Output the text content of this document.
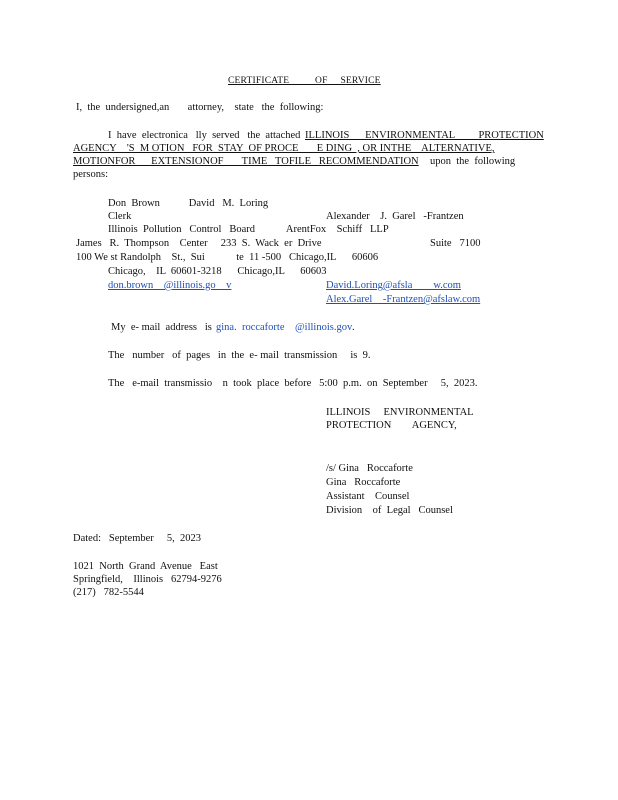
CERTIFICATE          OF     SERVICE
I,  the  undersigned,an       attorney,    state   the  following:
I  have  electronica   lly  served   the  attached ILLINOIS      ENVIRONMENTAL         PROTECTION
AGENCY    'S  M OTION   FOR  STAY  OF PROCE       E DING  , OR INTHE    ALTERNATIVE,
MOTIONFOR      EXTENSIONOF       TIME   TOFILE   RECOMMENDATION upon  the  following
persons:
Don  Brown           David   M.  Loring
Clerk	Alexander    J.  Garel   -Frantzen
Illinois  Pollution   Control   Board            ArentFox    Schiff   LLP
James   R.  Thompson    Center     233  S.  Wack  er  Drive	Suite   7100
100 We st Randolph    St.,  Sui            te  11 -500   Chicago,IL      60606
Chicago,    IL  60601-3218      Chicago,IL      60603
don.brown    @illinois.go    v	David.Loring@afsla        w.com
Alex.Garel    -Frantzen@afslaw.com
My  e- mail  address   is gina.  roccaforte    @illinois.gov .
The   number   of  pages   in  the  e- mail  transmission     is  9.
The   e-mail  transmissio    n  took  place  before   5:00  p.m.  on  September     5,  2023.
ILLINOIS     ENVIRONMENTAL
PROTECTION        AGENCY,
/s/ Gina   Roccaforte
Gina   Roccaforte
Assistant    Counsel
Division    of  Legal   Counsel
Dated:   September     5,  2023
1021  North  Grand  Avenue   East
Springfield,    Illinois   62794-9276
(217)   782-5544
